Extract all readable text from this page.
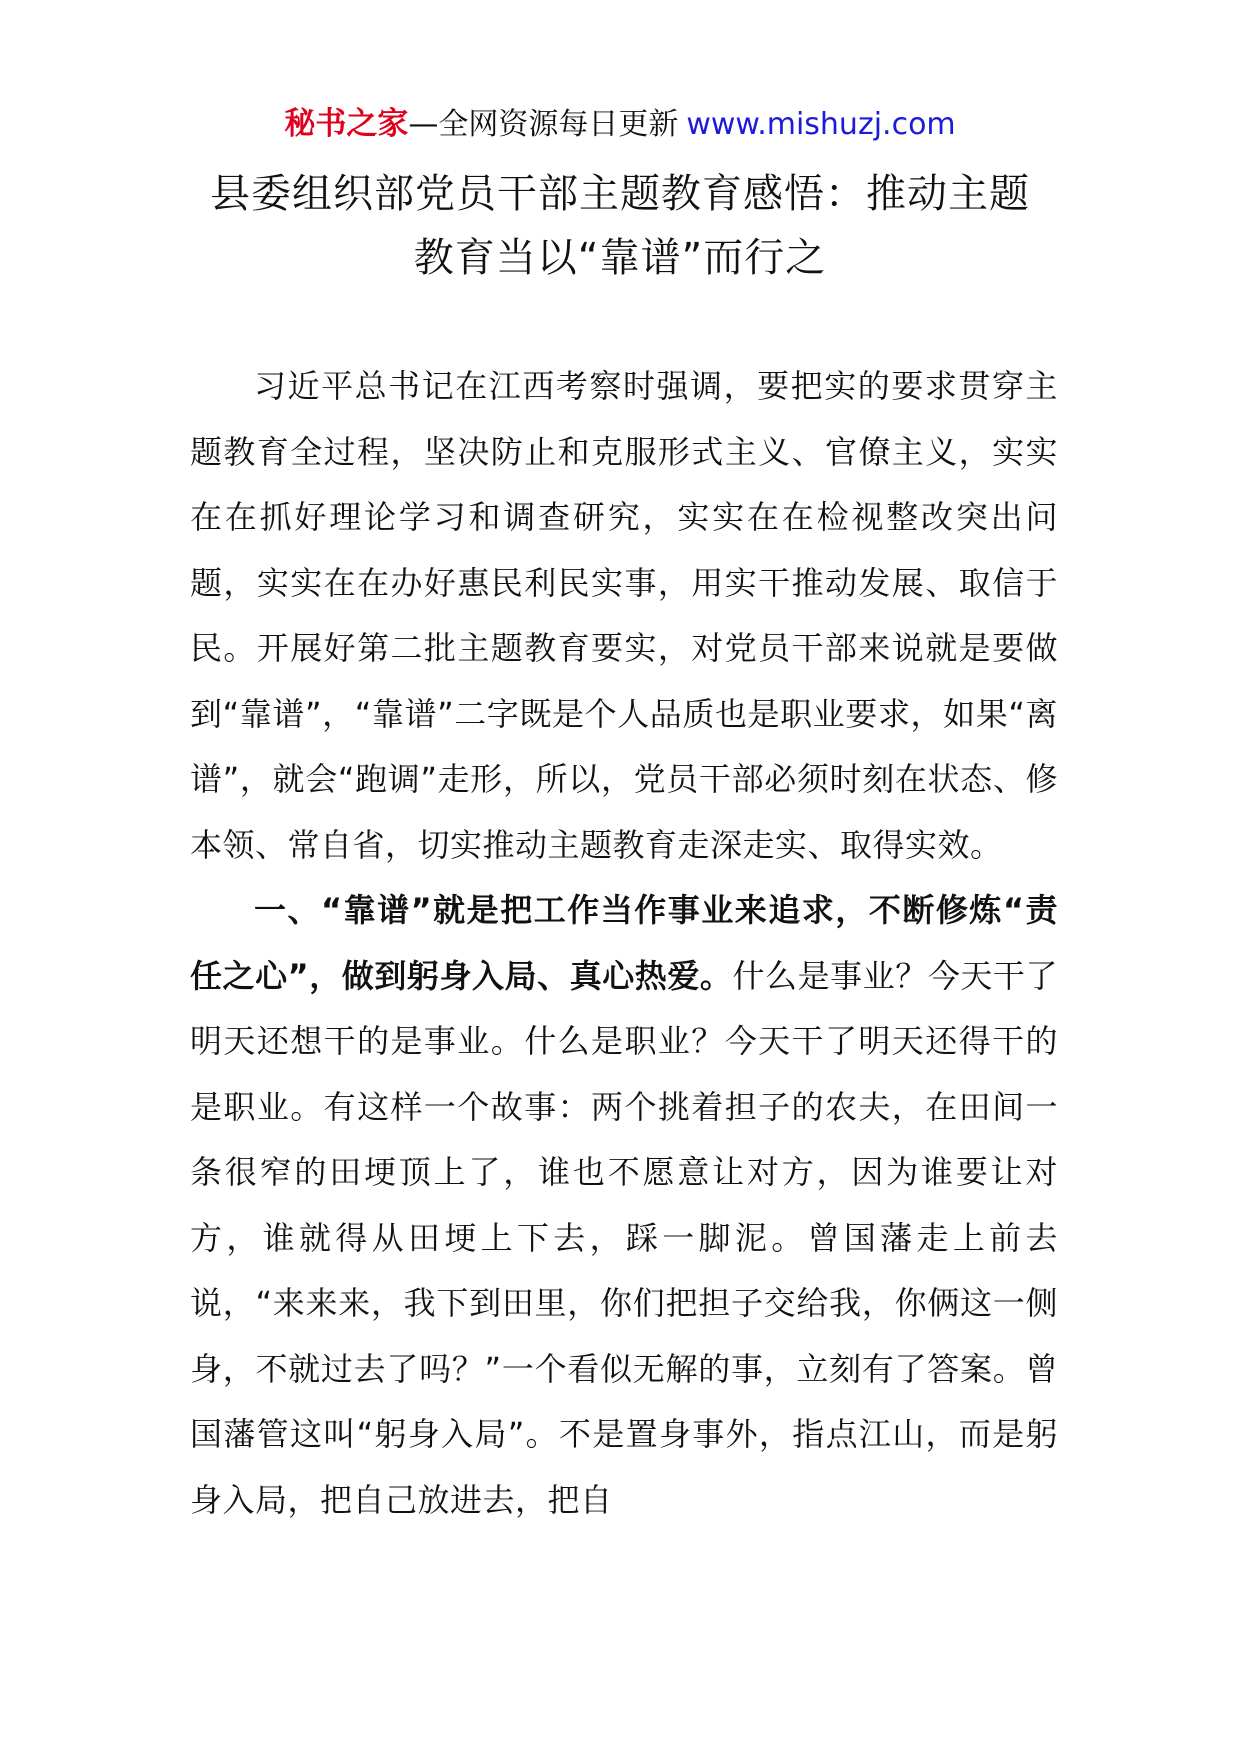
秘书之家—全网资源每日更新 www.mishuzj.com
县委组织部党员干部主题教育感悟：推动主题
教育当以“靠谱”而行之

习近平总书记在江西考察时强调，要把实的要求贯穿主题教育全过程，坚决防止和克服形式主义、官僚主义，实实在在抓好理论学习和调查研究，实实在在检视整改突出问题，实实在在办好惠民利民实事，用实干推动发展、取信于民。开展好第二批主题教育要实，对党员干部来说就是要做到“靠谱”，“靠谱”二字既是个人品质也是职业要求，如果“离谱”，就会“跑调”走形，所以，党员干部必须时刻在状态、修本领、常自省，切实推动主题教育走深走实、取得实效。

一、“靠谱”就是把工作当作事业来追求，不断修炼“责任之心”，做到躬身入局、真心热爱。什么是事业？今天干了明天还想干的是事业。什么是职业？今天干了明天还得干的是职业。有这样一个故事：两个挑着担子的农夫，在田间一条很窄的田埂顶上了，谁也不愿意让对方，因为谁要让对方，谁就得从田埂上下去，踩一脚泥。曾国藩走上前去说，“来来来，我下到田里，你们把担子交给我，你俩这一侧身，不就过去了吗？”一个看似无解的事，立刻有了答案。曾国藩管这叫“躬身入局”。不是置身事外，指点江山，而是躬身入局，把自己放进去，把自
